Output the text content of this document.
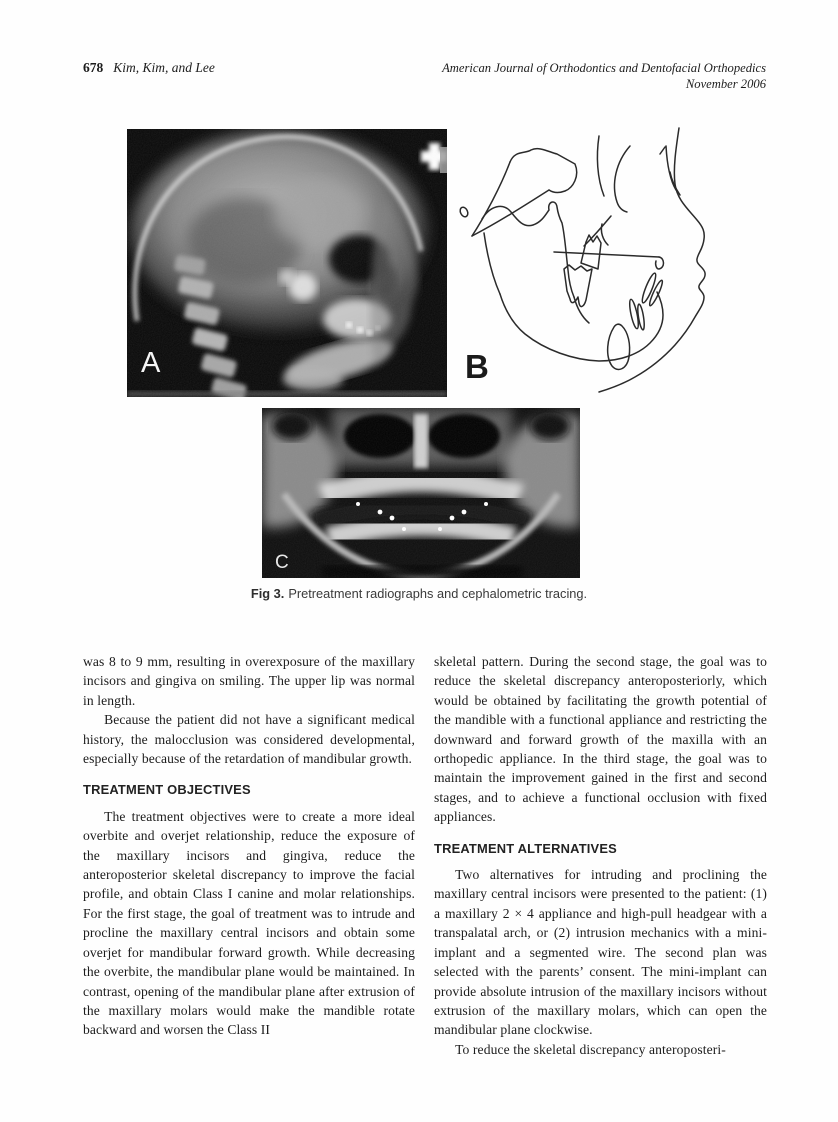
678 Kim, Kim, and Lee	American Journal of Orthodontics and Dentofacial Orthopedics
November 2006
A	B
C
Fig 3. Pretreatment radiographs and cephalometric tracing.

was 8 to 9 mm, resulting in overexposure of the maxillary incisors and gingiva on smiling. The upper lip was normal in length.

Because the patient did not have a significant medical history, the malocclusion was considered developmental, especially because of the retardation of mandibular growth.

TREATMENT OBJECTIVES

The treatment objectives were to create a more ideal overbite and overjet relationship, reduce the exposure of the maxillary incisors and gingiva, reduce the anteroposterior skeletal discrepancy to improve the facial profile, and obtain Class I canine and molar relationships. For the first stage, the goal of treatment was to intrude and procline the maxillary central incisors and obtain some overjet for mandibular forward growth. While decreasing the overbite, the mandibular plane would be maintained. In contrast, opening of the mandibular plane after extrusion of the maxillary molars would make the mandible rotate backward and worsen the Class II

skeletal pattern. During the second stage, the goal was to reduce the skeletal discrepancy anteroposteriorly, which would be obtained by facilitating the growth potential of the mandible with a functional appliance and restricting the downward and forward growth of the maxilla with an orthopedic appliance. In the third stage, the goal was to maintain the improvement gained in the first and second stages, and to achieve a functional occlusion with fixed appliances.

TREATMENT ALTERNATIVES

Two alternatives for intruding and proclining the maxillary central incisors were presented to the patient: (1) a maxillary 2 × 4 appliance and high-pull headgear with a transpalatal arch, or (2) intrusion mechanics with a mini-implant and a segmented wire. The second plan was selected with the parents’ consent. The mini-implant can provide absolute intrusion of the maxillary incisors without extrusion of the maxillary molars, which can open the mandibular plane clockwise.

To reduce the skeletal discrepancy anteroposteri-
